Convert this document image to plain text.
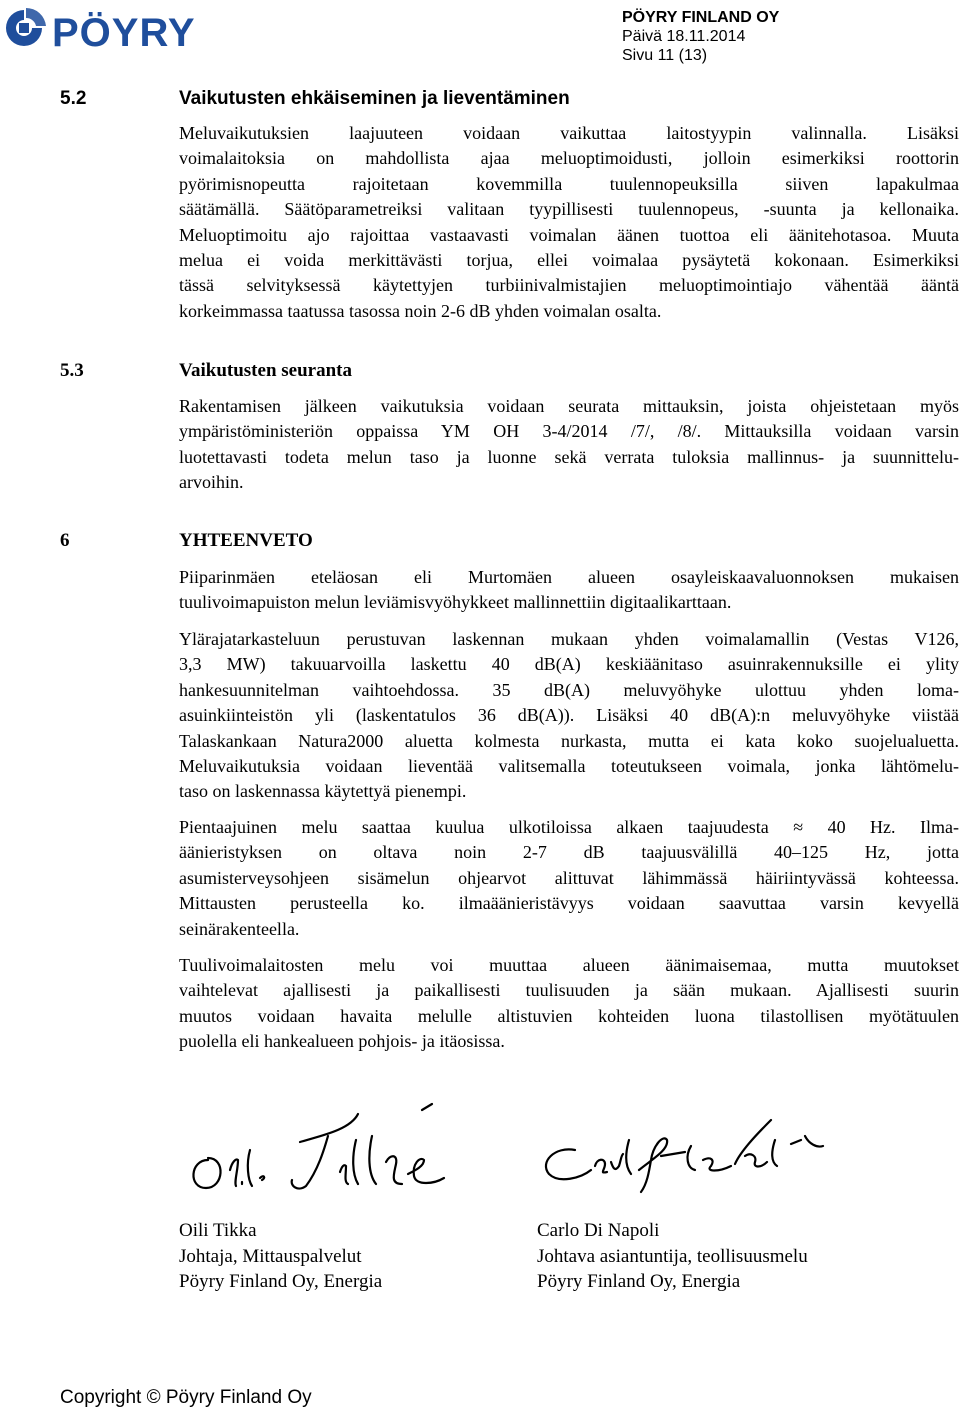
PÖYRY	PÖYRY FINLAND OY
Päivä 18.11.2014
Sivu 11 (13)
5.2	Vaikutusten ehkäiseminen ja lieventäminen
Meluvaikutuksien laajuuteen voidaan vaikuttaa laitostyypin valinnalla. Lisäksi
voimalaitoksia on mahdollista ajaa meluoptimoidusti, jolloin esimerkiksi roottorin
pyörimisnopeutta rajoitetaan kovemmilla tuulennopeuksilla siiven lapakulmaa
säätämällä. Säätöparametreiksi valitaan tyypillisesti tuulennopeus, -suunta ja kellonaika.
Meluoptimoitu ajo rajoittaa vastaavasti voimalan äänen tuottoa eli äänitehotasoa. Muuta
melua ei voida merkittävästi torjua, ellei voimalaa pysäytetä kokonaan. Esimerkiksi
tässä selvityksessä käytettyjen turbiinivalmistajien meluoptimointiajo vähentää ääntä
korkeimmassa taatussa tasossa noin 2-6 dB yhden voimalan osalta.
5.3	Vaikutusten seuranta
Rakentamisen jälkeen vaikutuksia voidaan seurata mittauksin, joista ohjeistetaan myös
ympäristöministeriön oppaissa YM OH 3-4/2014 /7/, /8/. Mittauksilla voidaan varsin
luotettavasti todeta melun taso ja luonne sekä verrata tuloksia mallinnus- ja suunnittelu-
arvoihin.
6	YHTEENVETO
Piiparinmäen eteläosan eli Murtomäen alueen osayleiskaavaluonnoksen mukaisen
tuulivoimapuiston melun leviämisvyöhykkeet mallinnettiin digitaalikarttaan.
Ylärajatarkasteluun perustuvan laskennan mukaan yhden voimalamallin (Vestas V126,
3,3 MW) takuuarvoilla laskettu 40 dB(A) keskiäänitaso asuinrakennuksille ei ylity
hankesuunnitelman vaihtoehdossa. 35 dB(A) meluvyöhyke ulottuu yhden loma-
asuinkiinteistön yli (laskentatulos 36 dB(A)). Lisäksi 40 dB(A):n meluvyöhyke viistää
Talaskankaan Natura2000 aluetta kolmesta nurkasta, mutta ei kata koko suojelualuetta.
Meluvaikutuksia voidaan lieventää valitsemalla toteutukseen voimala, jonka lähtömelu-
taso on laskennassa käytettyä pienempi.
Pientaajuinen melu saattaa kuulua ulkotiloissa alkaen taajuudesta ≈ 40 Hz. Ilma-
äänieristyksen on oltava noin 2-7 dB taajuusvälillä 40–125 Hz, jotta
asumisterveysohjeen sisämelun ohjearvot alittuvat lähimmässä häiriintyvässä kohteessa.
Mittausten perusteella ko. ilmaäänieristävyys voidaan saavuttaa varsin kevyellä
seinärakenteella.
Tuulivoimalaitosten melu voi muuttaa alueen äänimaisemaa, mutta muutokset
vaihtelevat ajallisesti ja paikallisesti tuulisuuden ja sään mukaan. Ajallisesti suurin
muutos voidaan havaita melulle altistuvien kohteiden luona tilastollisen myötätuulen
puolella eli hankealueen pohjois- ja itäosissa.
Oili Tikka
Johtaja, Mittauspalvelut
Pöyry Finland Oy, Energia
Carlo Di Napoli
Johtava asiantuntija, teollisuusmelu
Pöyry Finland Oy, Energia
Copyright © Pöyry Finland Oy
